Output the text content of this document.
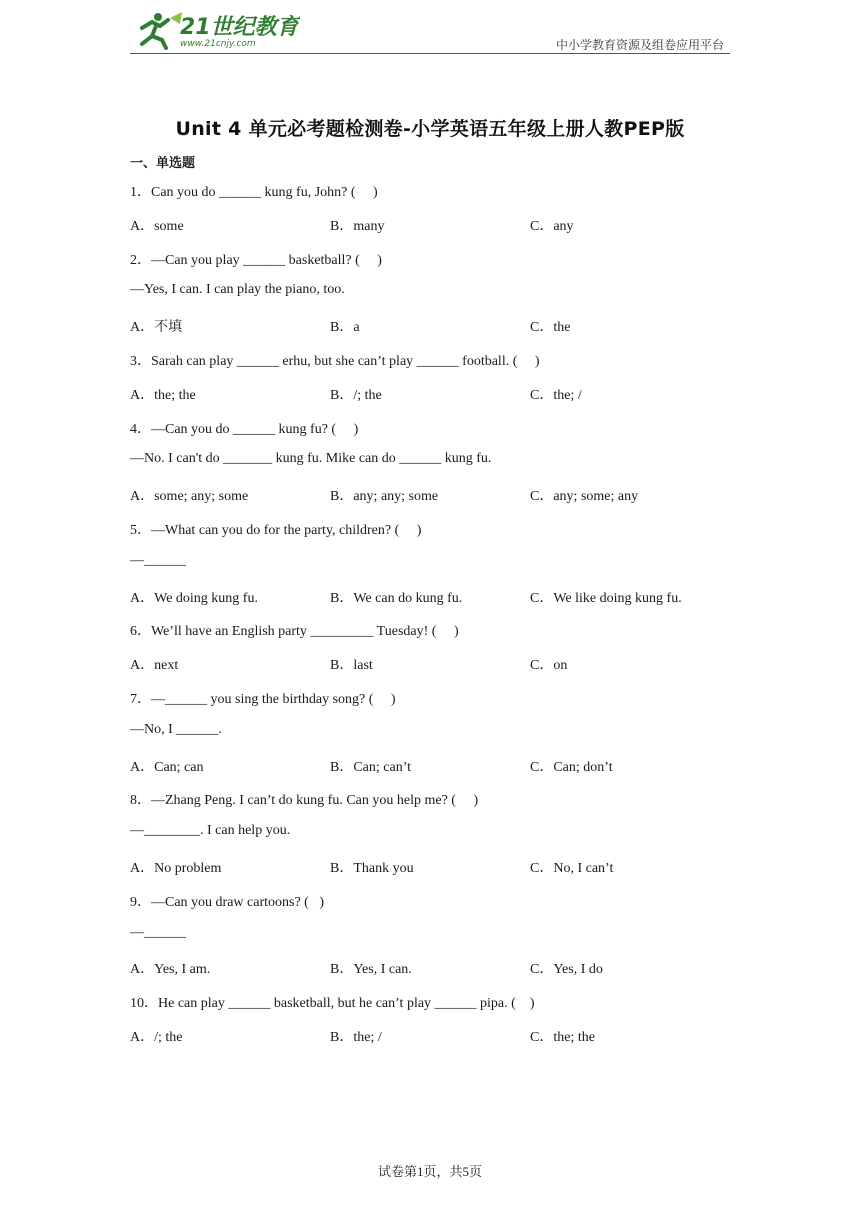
21世纪教育
www.21cnjy.com	中小学教育资源及组卷应用平台
Unit 4 单元必考题检测卷-小学英语五年级上册人教PEP版
一、单选题
1．Can you do ______ kung fu, John? (     )
A．some	B．many	C．any
2．—Can you play ______ basketball? (     )
—Yes, I can. I can play the piano, too.
A．不填	B．a	C．the
3．Sarah can play ______ erhu, but she can’t play ______ football. (     )
A．the; the	B．/; the	C．the; /
4．—Can you do ______ kung fu? (     )
—No. I can't do _______ kung fu. Mike can do ______ kung fu.
A．some; any; some	B．any; any; some	C．any; some; any
5．—What can you do for the party, children? (     )
—______
A．We doing kung fu.	B．We can do kung fu.	C．We like doing kung fu.
6．We’ll have an English party _________ Tuesday! (     )
A．next	B．last	C．on
7．—______ you sing the birthday song? (     )
—No, I ______.
A．Can; can	B．Can; can’t	C．Can; don’t
8．—Zhang Peng. I can’t do kung fu. Can you help me? (     )
—________. I can help you.
A．No problem	B．Thank you	C．No, I can’t
9．—Can you draw cartoons? (   )
—______
A．Yes, I am.	B．Yes, I can.	C．Yes, I do
10．He can play ______ basketball, but he can’t play ______ pipa. (    )
A．/; the	B．the; /	C．the; the
试卷第1页，共5页
